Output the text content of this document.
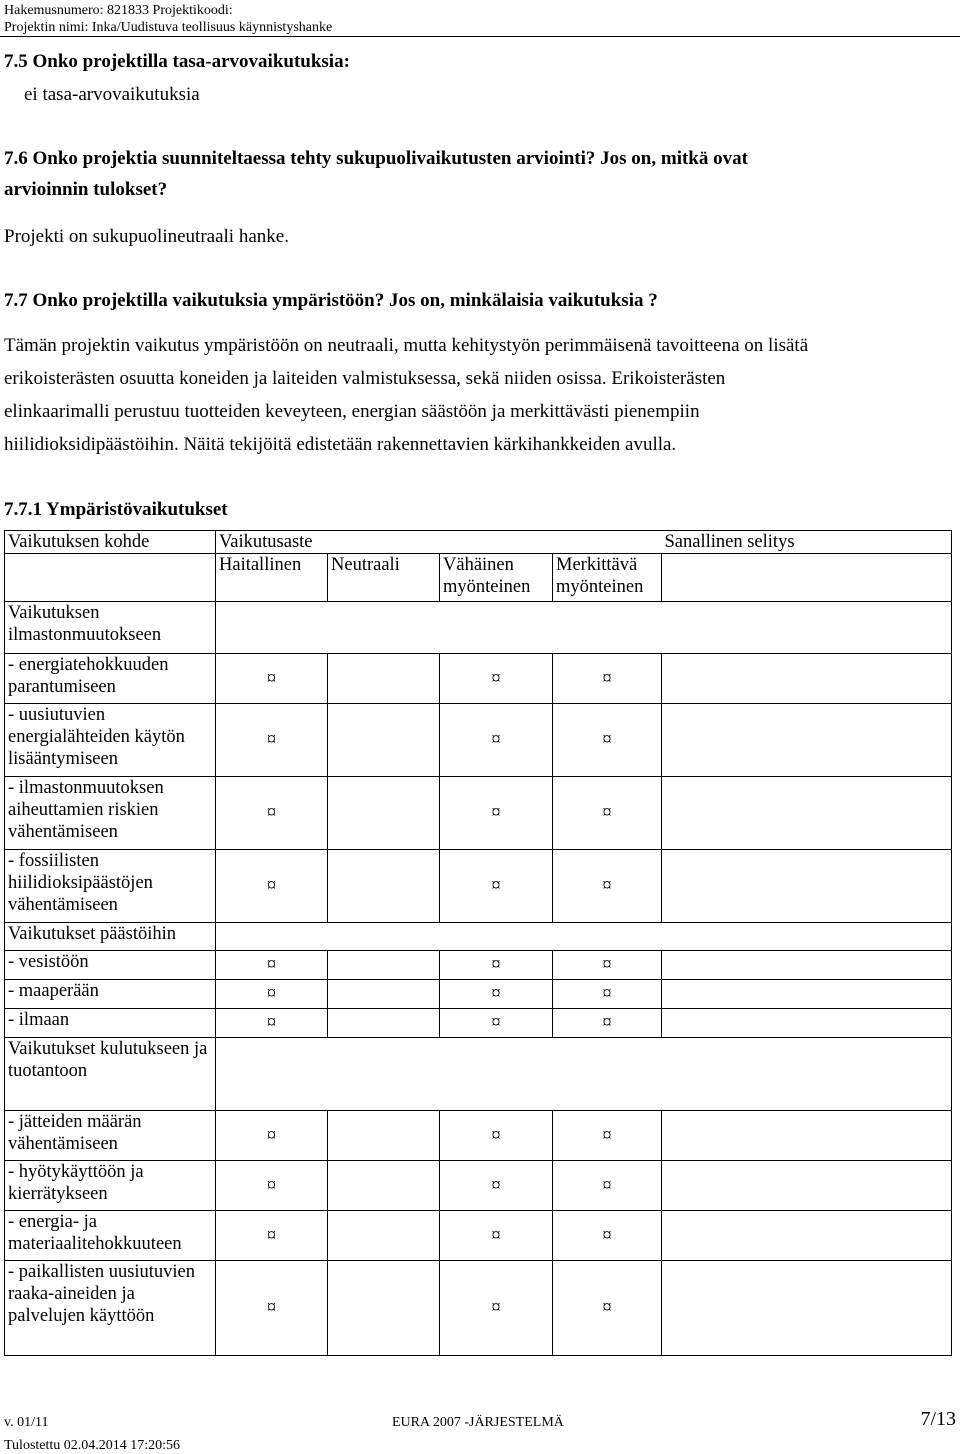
Hakemusnumero: 821833 Projektikoodi:
Projektin nimi: Inka/Uudistuva teollisuus käynnistyshanke
7.5 Onko projektilla tasa-arvovaikutuksia:
ei tasa-arvovaikutuksia
7.6 Onko projektia suunniteltaessa tehty sukupuolivaikutusten arviointi? Jos on, mitkä ovat
arvioinnin tulokset?
Projekti on sukupuolineutraali hanke.
7.7 Onko projektilla vaikutuksia ympäristöön? Jos on, minkälaisia vaikutuksia ?
Tämän projektin vaikutus ympäristöön on neutraali, mutta kehitystyön perimmäisenä tavoitteena on lisätä
erikoisterästen osuutta koneiden ja laiteiden valmistuksessa, sekä niiden osissa. Erikoisterästen
elinkaarimalli perustuu tuotteiden keveyteen, energian säästöön ja merkittävästi pienempiin
hiilidioksidipäästöihin. Näitä tekijöitä edistetään rakennettavien kärkihankkeiden avulla.
7.7.1 Ympäristövaikutukset
Vaikutuksen kohde	Vaikutusaste				Sanallinen selitys
	Haitallinen	Neutraali	Vähäinen myönteinen	Merkittävä myönteinen	
Vaikutuksen ilmastonmuutokseen					
- energiatehokkuuden parantumiseen	¤		¤	¤	
- uusiutuvien energialähteiden käytön lisääntymiseen	¤		¤	¤	
- ilmastonmuutoksen aiheuttamien riskien vähentämiseen	¤		¤	¤	
- fossiilisten hiilidioksipäästöjen vähentämiseen	¤		¤	¤	
Vaikutukset päästöihin					
- vesistöön	¤		¤	¤	
- maaperään	¤		¤	¤	
- ilmaan	¤		¤	¤	
Vaikutukset kulutukseen ja tuotantoon					
- jätteiden määrän vähentämiseen	¤		¤	¤	
- hyötykäyttöön ja kierrätykseen	¤		¤	¤	
- energia- ja materiaalitehokkuuteen	¤		¤	¤	
- paikallisten uusiutuvien raaka-aineiden ja palvelujen käyttöön	¤		¤	¤	
v. 01/11	EURA 2007 -JÄRJESTELMÄ	7/13
Tulostettu 02.04.2014 17:20:56
